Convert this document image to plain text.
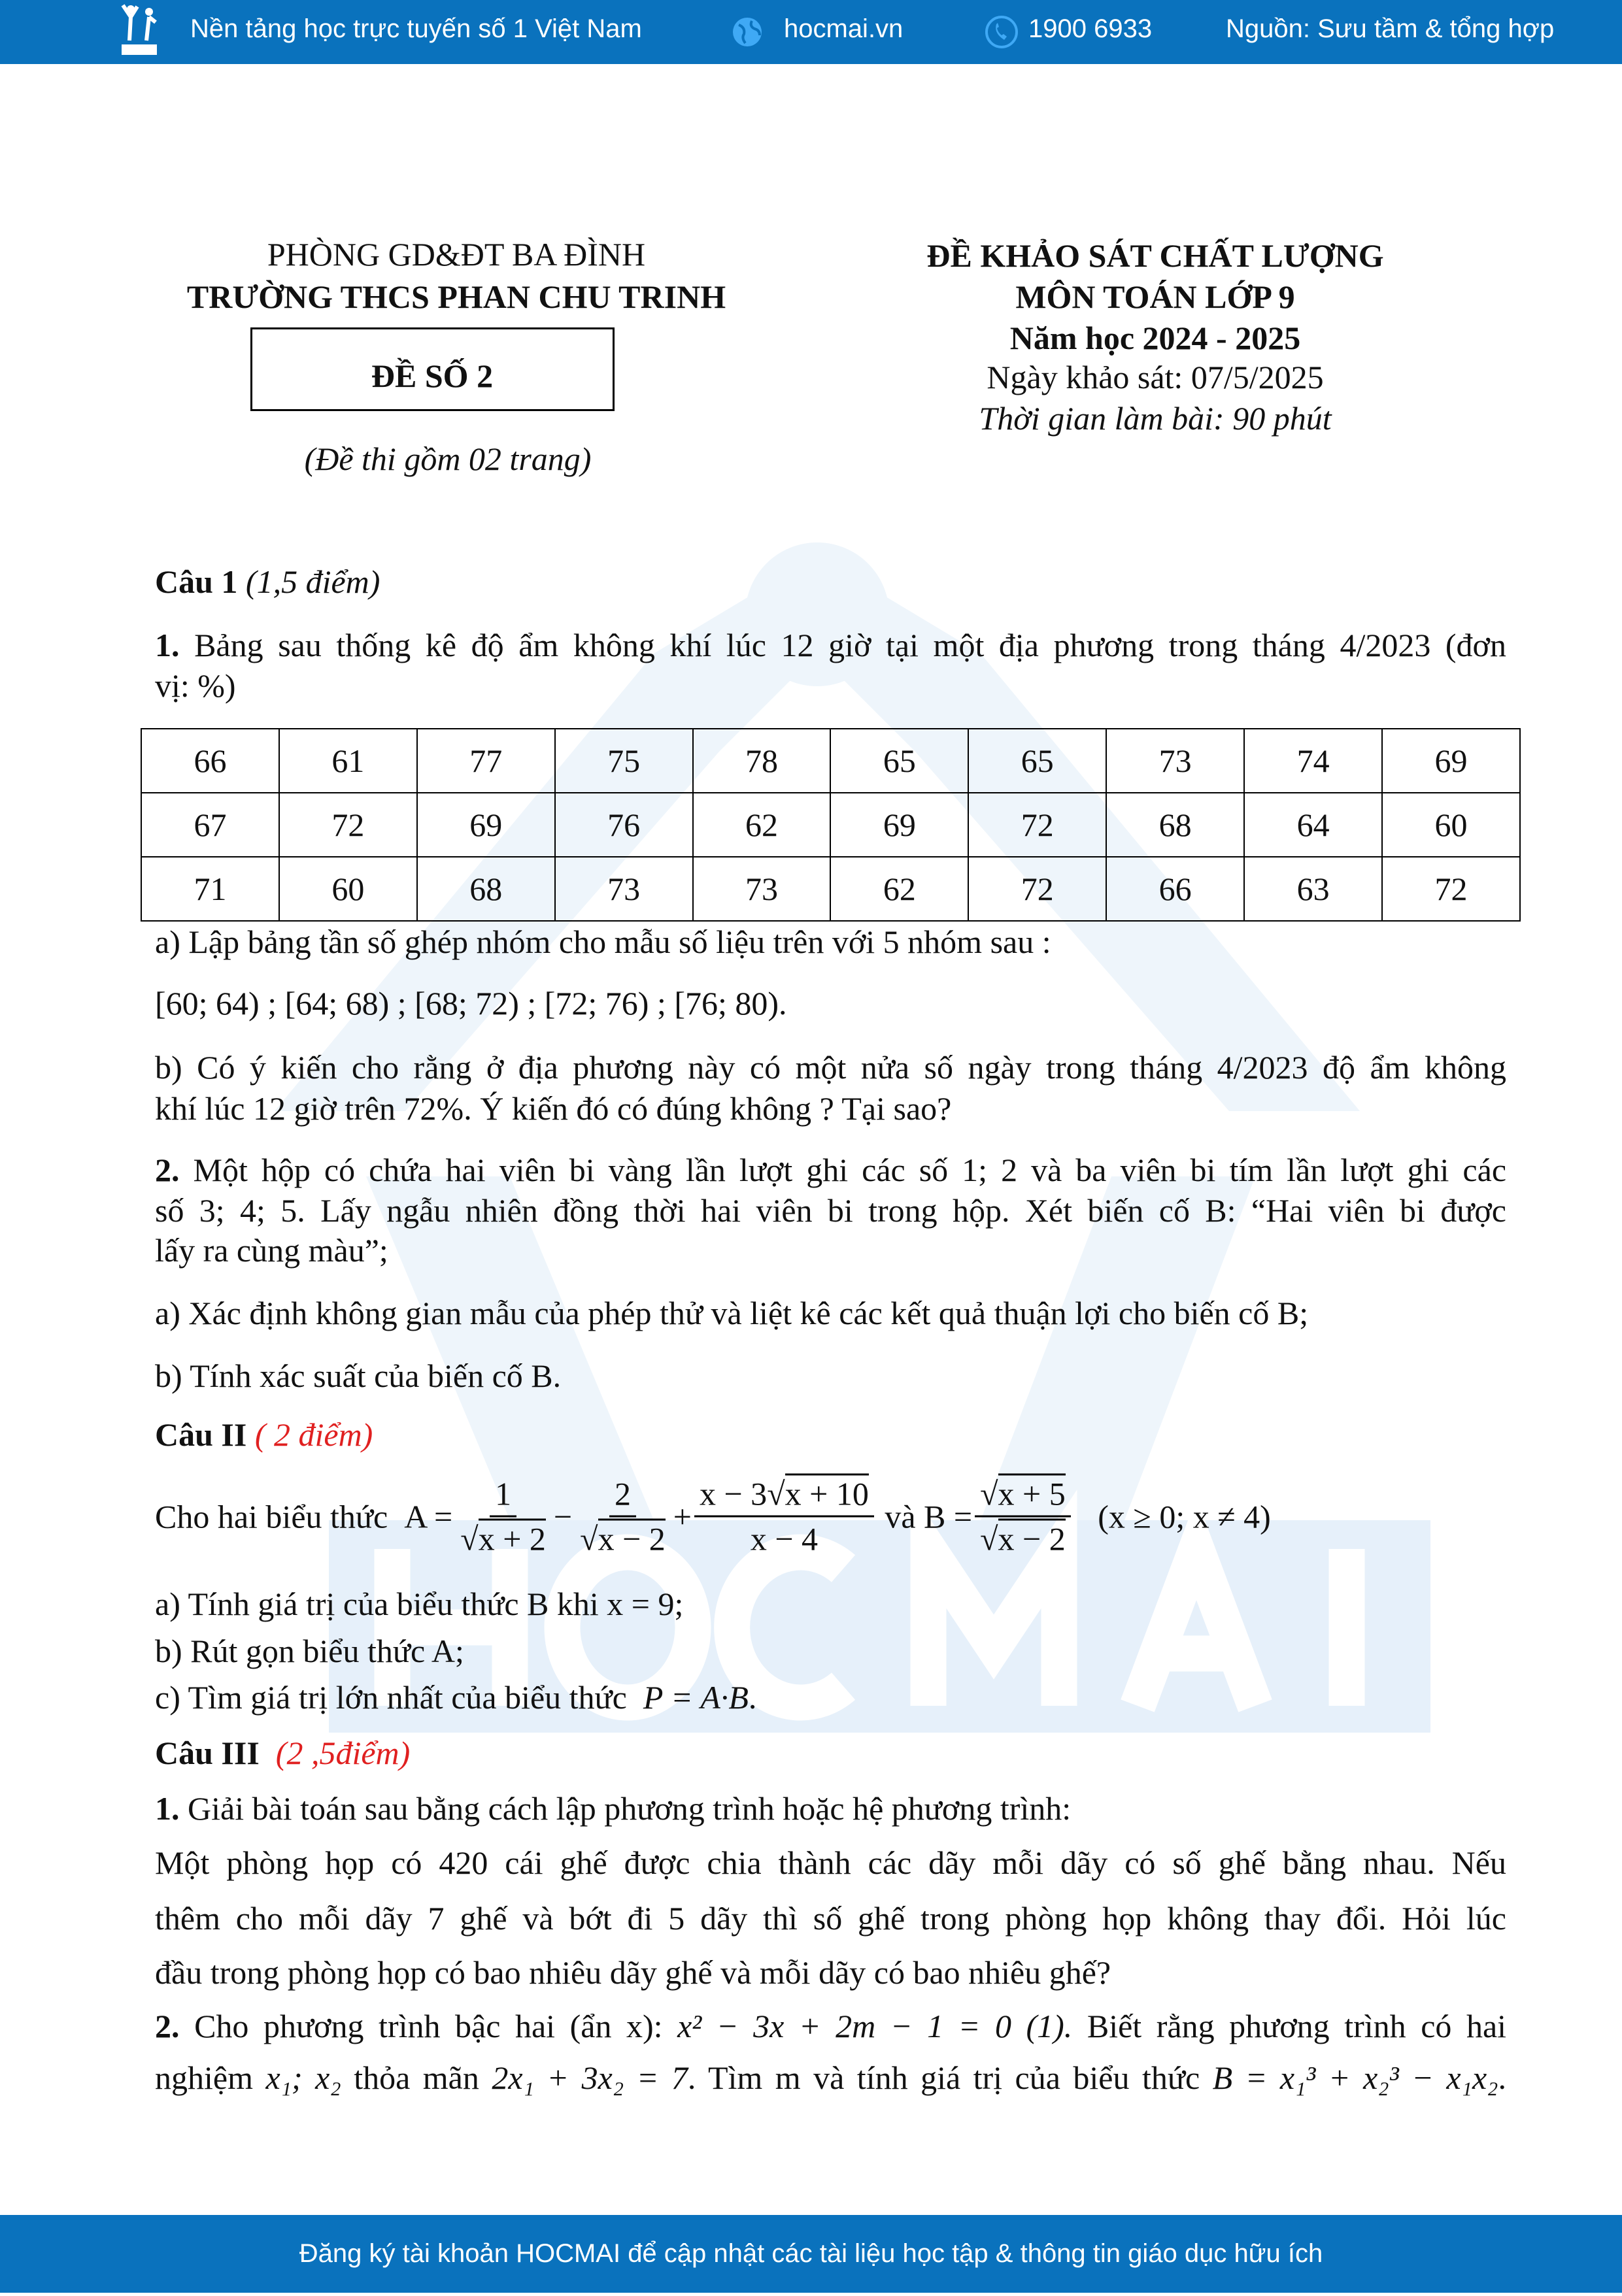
Nền tảng học trực tuyến số 1 Việt Nam	hocmai.vn	1900 6933	Nguồn: Sưu tầm & tổng hợp
PHÒNG GD&ĐT BA ĐÌNH
TRƯỜNG THCS PHAN CHU TRINH
ĐỀ SỐ 2
(Đề thi gồm 02 trang)
ĐỀ KHẢO SÁT CHẤT LƯỢNG
MÔN TOÁN LỚP 9
Năm học 2024 - 2025
Ngày khảo sát: 07/5/2025
Thời gian làm bài: 90 phút
Câu 1 (1,5 điểm)
1. Bảng sau thống kê độ ẩm không khí lúc 12 giờ tại một địa phương trong tháng 4/2023 (đơn
vị: %)
66	61	77	75	78	65	65	73	74	69
67	72	69	76	62	69	72	68	64	60
71	60	68	73	73	62	72	66	63	72
a) Lập bảng tần số ghép nhóm cho mẫu số liệu trên với 5 nhóm sau :
[60; 64) ; [64; 68) ; [68; 72) ; [72; 76) ; [76; 80).
b) Có ý kiến cho rằng ở địa phương này có một nửa số ngày trong tháng 4/2023 độ ẩm không
khí lúc 12 giờ trên 72%. Ý kiến đó có đúng không ? Tại sao?
2. Một hộp có chứa hai viên bi vàng lần lượt ghi các số 1; 2 và ba viên bi tím lần lượt ghi các
số 3; 4; 5. Lấy ngẫu nhiên đồng thời hai viên bi trong hộp. Xét biến cố B: “Hai viên bi được
lấy ra cùng màu”;
a) Xác định không gian mẫu của phép thử và liệt kê các kết quả thuận lợi cho biến cố B;
b) Tính xác suất của biến cố B.
Câu II ( 2 điểm)
Cho hai biểu thức
$A = \frac{1}{√x + 2} - \frac{2}{√x - 2} + \frac{x - 3√x + 10}{x - 4}$
và $B = \frac{√x + 5}{√x - 2}$
(x ≥ 0; x ≠ 4)
a) Tính giá trị của biểu thức B khi x = 9;
b) Rút gọn biểu thức A;
c) Tìm giá trị lớn nhất của biểu thức P = A·B.
Câu III (2 ,5điểm)
1. Giải bài toán sau bằng cách lập phương trình hoặc hệ phương trình:
Một phòng họp có 420 cái ghế được chia thành các dãy mỗi dãy có số ghế bằng nhau. Nếu
thêm cho mỗi dãy 7 ghế và bớt đi 5 dãy thì số ghế trong phòng họp không thay đổi. Hỏi lúc
đầu trong phòng họp có bao nhiêu dãy ghế và mỗi dãy có bao nhiêu ghế?
2. Cho phương trình bậc hai (ẩn x): x² − 3x + 2m − 1 = 0 (1). Biết rằng phương trình có hai
nghiệm x₁; x₂ thỏa mãn 2x₁ + 3x₂ = 7. Tìm m và tính giá trị của biểu thức B = x₁³ + x₂³ − x₁x₂.
Đăng ký tài khoản HOCMAI để cập nhật các tài liệu học tập & thông tin giáo dục hữu ích
